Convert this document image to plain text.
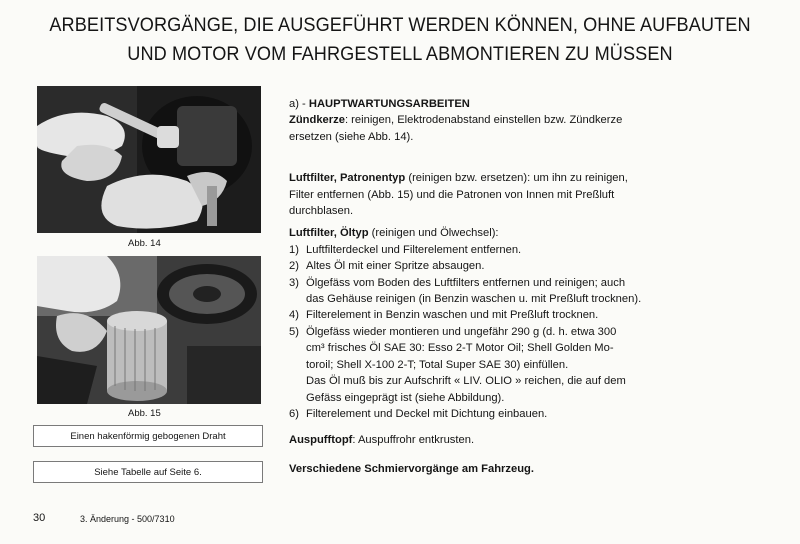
ARBEITSVORGÄNGE, DIE AUSGEFÜHRT WERDEN KÖNNEN, OHNE AUFBAUTEN
UND MOTOR VOM FAHRGESTELL ABMONTIEREN ZU MÜSSEN
Abb. 14
Abb. 15
Einen hakenförmig gebogenen Draht
Siehe Tabelle auf Seite 6.

a) - HAUPTWARTUNGSARBEITEN

Zündkerze: reinigen, Elektrodenabstand einstellen bzw. Zündkerze

ersetzen (siehe Abb. 14).

Luftfilter, Patronentyp (reinigen bzw. ersetzen): um ihn zu reinigen,

Filter entfernen (Abb. 15) und die Patronen von Innen mit Preßluft

durchblasen.

Luftfilter, Öltyp (reinigen und Ölwechsel):

1) Luftfilterdeckel und Filterelement entfernen.
2) Altes Öl mit einer Spritze absaugen.
3) Ölgefäss vom Boden des Luftfilters entfernen und reinigen; auch
das Gehäuse reinigen (in Benzin waschen u. mit Preßluft trocknen).
4) Filterelement in Benzin waschen und mit Preßluft trocknen.
5) Ölgefäss wieder montieren und ungefähr 290 g (d. h. etwa 300
cm³ frisches Öl SAE 30: Esso 2-T Motor Oil; Shell Golden Mo-
toroil; Shell X-100 2-T; Total Super SAE 30) einfüllen.
Das Öl muß bis zur Aufschrift « LIV. OLIO » reichen, die auf dem
Gefäss eingeprägt ist (siehe Abbildung).
6) Filterelement und Deckel mit Dichtung einbauen.

Auspufftopf: Auspuffrohr entkrusten.

Verschiedene Schmiervorgänge am Fahrzeug.

30	3. Änderung - 500/7310
